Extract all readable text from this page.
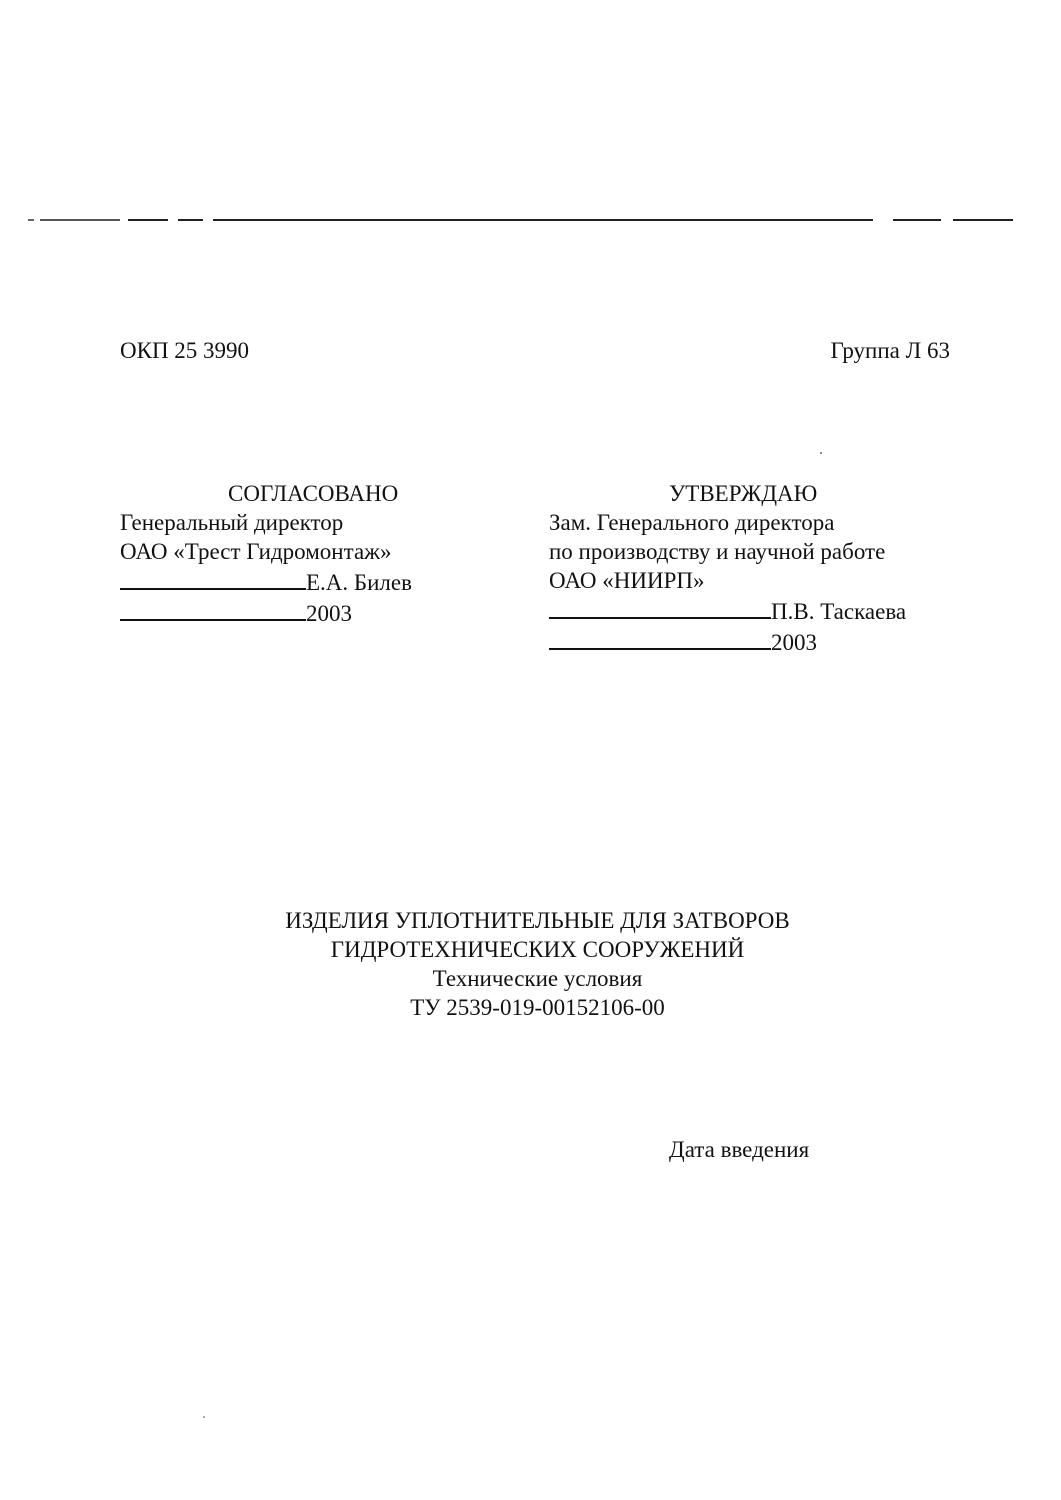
ОКП 25 3990	Группа Л 63
СОГЛАСОВАНО
Генеральный директор
ОАО «Трест Гидромонтаж»
Е.А. Билев
2003
УТВЕРЖДАЮ
Зам. Генерального директора
по производству и научной работе
ОАО «НИИРП»
П.В. Таскаева
2003
ИЗДЕЛИЯ УПЛОТНИТЕЛЬНЫЕ ДЛЯ ЗАТВОРОВ
ГИДРОТЕХНИЧЕСКИХ СООРУЖЕНИЙ
Технические условия
ТУ 2539-019-00152106-00
Дата введения
